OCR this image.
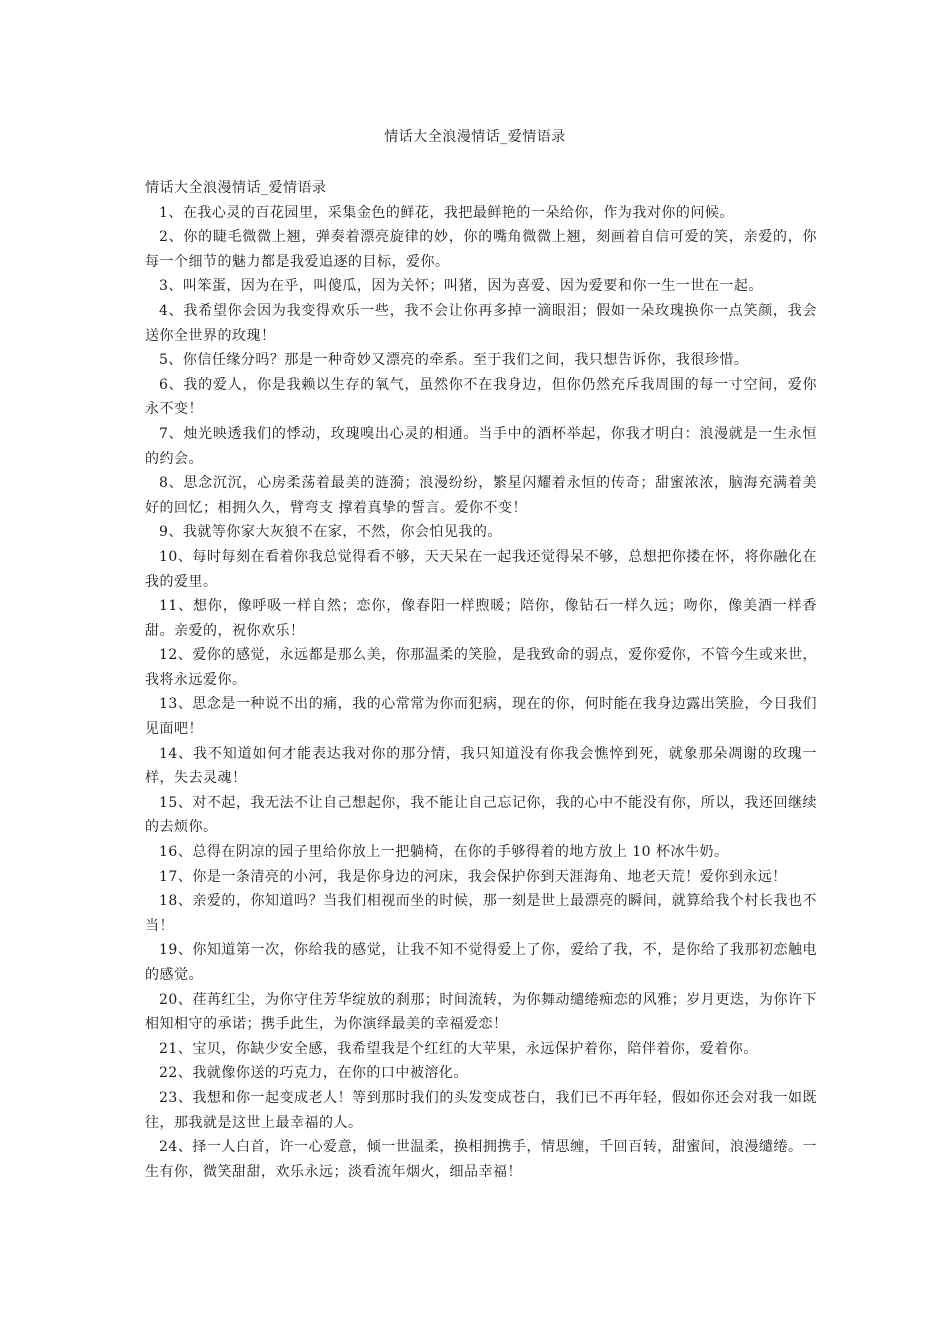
情话大全浪漫情话_爱情语录

情话大全浪漫情话_爱情语录

1、在我心灵的百花园里，采集金色的鲜花，我把最鲜艳的一朵给你，作为我对你的问候。

2、你的睫毛微微上翘，弹奏着漂亮旋律的妙，你的嘴角微微上翘，刻画着自信可爱的笑，亲爱的，你每一个细节的魅力都是我爱追逐的目标，爱你。

3、叫笨蛋，因为在乎，叫傻瓜，因为关怀；叫猪，因为喜爱、因为爱要和你一生一世在一起。

4、我希望你会因为我变得欢乐一些，我不会让你再多掉一滴眼泪；假如一朵玫瑰换你一点笑颜，我会送你全世界的玫瑰！

5、你信任缘分吗？那是一种奇妙又漂亮的牵系。至于我们之间，我只想告诉你，我很珍惜。

6、我的爱人，你是我赖以生存的氧气，虽然你不在我身边，但你仍然充斥我周围的每一寸空间，爱你永不变！

7、烛光映透我们的悸动，玫瑰嗅出心灵的相通。当手中的酒杯举起，你我才明白：浪漫就是一生永恒的约会。

8、思念沉沉，心房柔荡着最美的涟漪；浪漫纷纷，繁星闪耀着永恒的传奇；甜蜜浓浓，脑海充满着美好的回忆；相拥久久，臂弯支 撑着真挚的誓言。爱你不变！

9、我就等你家大灰狼不在家，不然，你会怕见我的。

10、每时每刻在看着你我总觉得看不够，天天呆在一起我还觉得呆不够，总想把你搂在怀，将你融化在我的爱里。

11、想你，像呼吸一样自然；恋你，像春阳一样煦暖；陪你，像钻石一样久远；吻你，像美酒一样香甜。亲爱的，祝你欢乐！

12、爱你的感觉，永远都是那么美，你那温柔的笑脸，是我致命的弱点，爱你爱你，不管今生或来世，我将永远爱你。

13、思念是一种说不出的痛，我的心常常为你而犯病，现在的你，何时能在我身边露出笑脸，今日我们见面吧！

14、我不知道如何才能表达我对你的那分情，我只知道没有你我会憔悴到死，就象那朵凋谢的玫瑰一样，失去灵魂！

15、对不起，我无法不让自己想起你，我不能让自己忘记你，我的心中不能没有你，所以，我还回继续的去烦你。

16、总得在阴凉的园子里给你放上一把躺椅，在你的手够得着的地方放上 10 杯冰牛奶。

17、你是一条清亮的小河，我是你身边的河床，我会保护你到天涯海角、地老天荒！爱你到永远！

18、亲爱的，你知道吗？当我们相视而坐的时候，那一刻是世上最漂亮的瞬间，就算给我个村长我也不当！

19、你知道第一次，你给我的感觉，让我不知不觉得爱上了你，爱给了我，不，是你给了我那初恋触电的感觉。

20、荏苒红尘，为你守住芳华绽放的刹那；时间流转，为你舞动缱绻痴恋的风雅；岁月更迭，为你许下相知相守的承诺；携手此生，为你演绎最美的幸福爱恋！

21、宝贝，你缺少安全感，我希望我是个红红的大苹果，永远保护着你，陪伴着你，爱着你。

22、我就像你送的巧克力，在你的口中被溶化。

23、我想和你一起变成老人！等到那时我们的头发变成苍白，我们已不再年轻，假如你还会对我一如既往，那我就是这世上最幸福的人。

24、择一人白首，许一心爱意，倾一世温柔，换相拥携手，情思缠，千回百转，甜蜜间，浪漫缱绻。一生有你，微笑甜甜，欢乐永远；淡看流年烟火，细品幸福！
